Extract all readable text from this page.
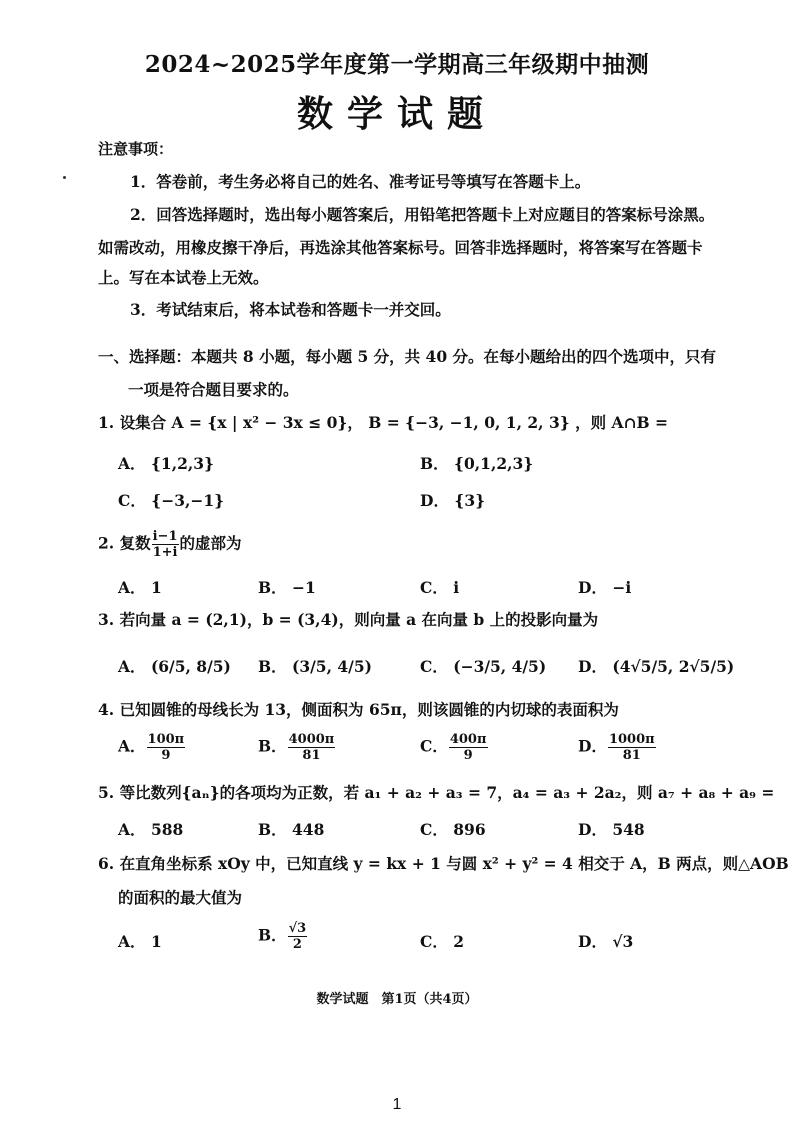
2024~2025学年度第一学期高三年级期中抽测
数学试题
注意事项：
1．答卷前，考生务必将自己的姓名、准考证号等填写在答题卡上。
2．回答选择题时，选出每小题答案后，用铅笔把答题卡上对应题目的答案标号涂黑。
如需改动，用橡皮擦干净后，再选涂其他答案标号。回答非选择题时，将答案写在答题卡
上。写在本试卷上无效。
3．考试结束后，将本试卷和答题卡一并交回。
一、选择题：本题共 8 小题，每小题 5 分，共 40 分。在每小题给出的四个选项中，只有
一项是符合题目要求的。
1. 设集合 A = {x | x² − 3x ≤ 0}， B = {−3, −1, 0, 1, 2, 3} ，则 A∩B =
A． {1,2,3}	B． {0,1,2,3}
C． {−3,−1}	D． {3}
2. 复数 $\frac{i-1}{1+i}$ 的虚部为
A． 1	B． −1	C． i	D． −i
3. 若向量 a = (2,1)，b = (3,4)，则向量 a 在向量 b 上的投影向量为
A． (6/5, 8/5) B． (3/5, 4/5)	C． (−3/5, 4/5) D． (4√5/5, 2√5/5)
4. 已知圆锥的母线长为 13，侧面积为 65π，则该圆锥的内切球的表面积为
A． $\frac{100\pi}{9}$	B． $\frac{4000\pi}{81}$	C． $\frac{400\pi}{9}$	D． $\frac{1000\pi}{81}$
5. 等比数列{aₙ}的各项均为正数，若 a₁ + a₂ + a₃ = 7，a₄ = a₃ + 2a₂，则 a₇ + a₈ + a₉ =
A． 588	B． 448	C． 896	D． 548
6. 在直角坐标系 xOy 中，已知直线 y = kx + 1 与圆 x² + y² = 4 相交于 A，B 两点，则△AOB
的面积的最大值为
A． 1	B． $\frac{√3}{2}$	C． 2	D． √3
数学试题　第1页（共4页）
1
